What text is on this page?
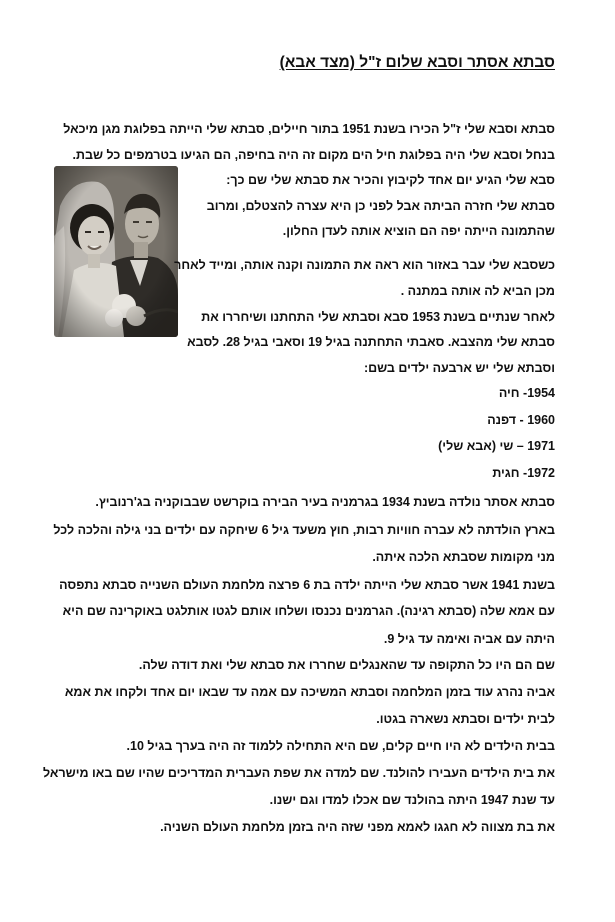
סבתא אסתר וסבא שלום ז"ל (מצד אבא)

סבתא וסבא שלי ז"ל הכירו בשנת 1951 בתור חיילים, סבתא שלי הייתה בפלוגת מגן מיכאל

בנחל וסבא שלי היה בפלוגת חיל הים מקום זה היה בחיפה, הם הגיעו בטרמפים כל שבת.

סבא שלי הגיע יום אחד לקיבוץ והכיר את סבתא שלי שם כך:

סבתא שלי חזרה הביתה אבל לפני כן היא עצרה להצטלם, ומרוב

שהתמונה הייתה יפה הם הוציא אותה לעדן החלון.

כשסבא שלי עבר באזור הוא ראה את התמונה וקנה אותה, ומייד לאחר

מכן הביא לה אותה במתנה .

לאחר שנתיים בשנת 1953 סבא וסבתא שלי התחתנו ושיחררו את

סבתא שלי מהצבא. סאבתי התחתנה בגיל 19 וסאבי בגיל 28. לסבא

וסבתא שלי יש ארבעה ילדים בשם:

1954- חיה

1960 - דפנה

1971 – שי (אבא שלי)

1972- חגית

סבתא אסתר נולדה בשנת 1934 בגרמניה בעיר הבירה בוקרשט שבבוקניה בג'רנוביץ.

בארץ הולדתה לא עברה חוויות רבות, חוץ משעד גיל 6 שיחקה עם ילדים בני גילה והלכה לכל

מני מקומות שסבתא הלכה איתה.

בשנת 1941 אשר סבתא שלי הייתה ילדה בת 6 פרצה מלחמת העולם השנייה סבתא נתפסה

עם אמא שלה (סבתא רגינה). הגרמנים נכנסו ושלחו אותם לגטו אותלגט באוקרינה שם היא

היתה עם אביה ואימה עד גיל 9.

שם הם היו כל התקופה עד שהאנגלים שחררו את סבתא שלי ואת דודה שלה.

אביה נהרג עוד בזמן המלחמה וסבתא המשיכה עם אמה עד שבאו יום אחד ולקחו את אמא

לבית ילדים וסבתא נשארה בגטו.

בבית הילדים לא היו חיים קלים, שם היא התחילה ללמוד זה היה בערך בגיל 10.

את בית הילדים העבירו להולנד. שם למדה את שפת העברית המדריכים שהיו שם באו מישראל

עד שנת 1947 היתה בהולנד שם אכלו למדו וגם ישנו.

את בת מצווה לא חגגו לאמא מפני שזה היה בזמן מלחמת העולם השניה.
